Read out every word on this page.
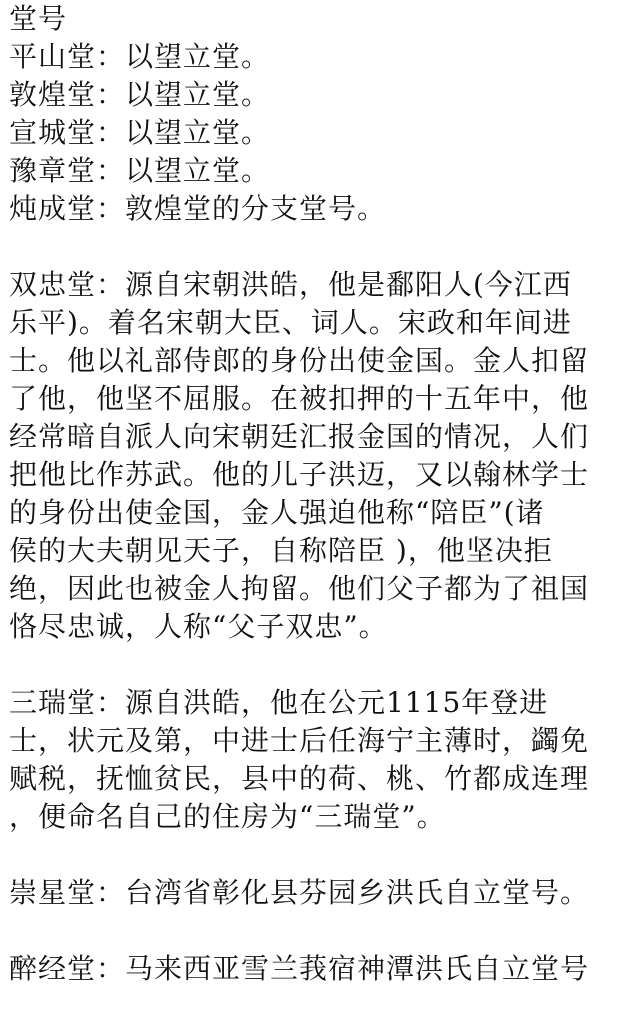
堂号
平山堂：以望立堂。
敦煌堂：以望立堂。
宣城堂：以望立堂。
豫章堂：以望立堂。
炖成堂：敦煌堂的分支堂号。
双忠堂：源自宋朝洪皓，他是鄱阳人(今江西
乐平)。着名宋朝大臣、词人。宋政和年间进
士。他以礼部侍郎的身份出使金国。金人扣留
了他，他坚不屈服。在被扣押的十五年中，他
经常暗自派人向宋朝廷汇报金国的情况，人们
把他比作苏武。他的儿子洪迈，又以翰林学士
的身份出使金国，金人强迫他称“陪臣”(诸
侯的大夫朝见天子，自称陪臣 )，他坚决拒
绝，因此也被金人拘留。他们父子都为了祖国
恪尽忠诚，人称“父子双忠”。
三瑞堂：源自洪皓，他在公元1115年登进
士，状元及第，中进士后任海宁主薄时，蠲免
赋税，抚恤贫民，县中的荷、桃、竹都成连理
，便命名自己的住房为“三瑞堂”。
崇星堂：台湾省彰化县芬园乡洪氏自立堂号。
醉经堂：马来西亚雪兰莪宿神潭洪氏自立堂号
